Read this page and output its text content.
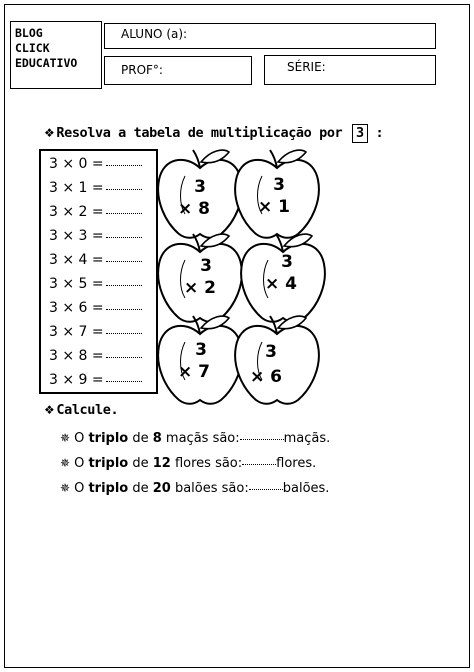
BLOG
CLICK
EDUCATIVO
ALUNO (a):
PROF°:	SÉRIE:
❖ Resolva a tabela de multiplicação por 3 :
3 × 0 =
3 × 1 =
3 × 2 =
3 × 3 =
3 × 4 =
3 × 5 =
3 × 6 =
3 × 7 =
3 × 8 =
3 × 9 =
3
× 8
3
× 1
3
× 2
3
× 4
3
× 7
3
× 6
❖ Calcule.
✵ O triplo de 8 maçãs são:	maçãs.
✵ O triplo de 12 flores são:	flores.
✵ O triplo de 20 balões são:	balões.
